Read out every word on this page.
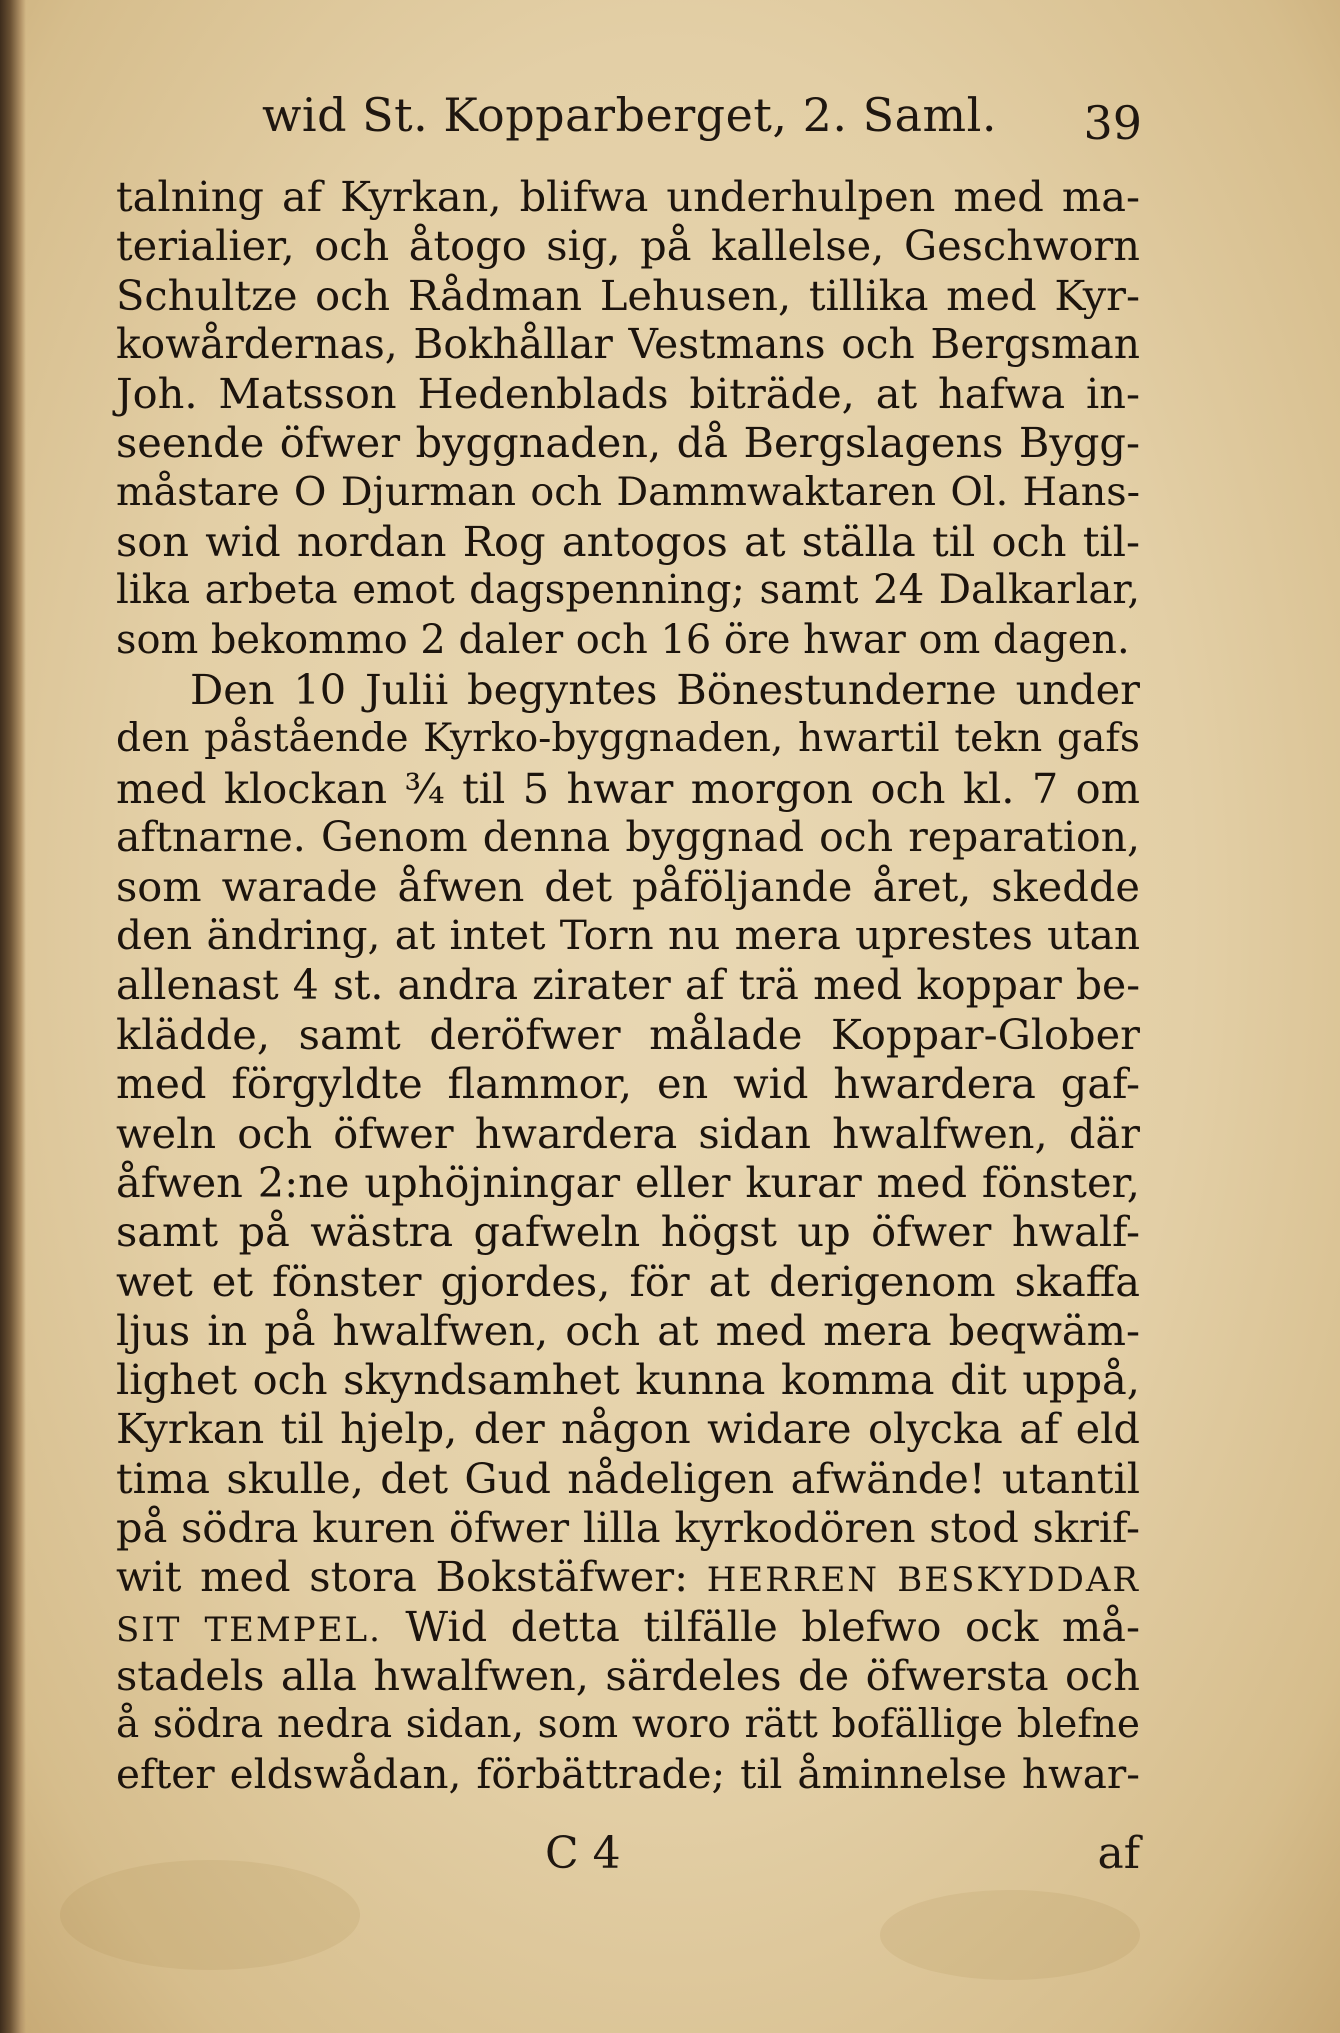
wid St. Kopparberget, 2. Saml. 39
talning af Kyrkan, blifwa underhulpen med ma-
terialier, och åtogo sig, på kallelse, Geschworn
Schultze och Rådman Lehusen, tillika med Kyr-
kowårdernas, Bokhållar Vestmans och Bergsman
Joh. Matsson Hedenblads biträde, at hafwa in-
seende öfwer byggnaden, då Bergslagens Bygg-
måstare O Djurman och Dammwaktaren Ol. Hans-
son wid nordan Rog antogos at ställa til och til-
lika arbeta emot dagspenning; samt 24 Dalkarlar,
som bekommo 2 daler och 16 öre hwar om dagen.
Den 10 Julii begyntes Bönestunderne under
den påstående Kyrko-byggnaden, hwartil tekn gafs
med klockan ¾ til 5 hwar morgon och kl. 7 om
aftnarne. Genom denna byggnad och reparation,
som warade åfwen det påföljande året, skedde
den ändring, at intet Torn nu mera uprestes utan
allenast 4 st. andra zirater af trä med koppar be-
klädde, samt deröfwer målade Koppar-Glober
med förgyldte flammor, en wid hwardera gaf-
weln och öfwer hwardera sidan hwalfwen, där
åfwen 2:ne uphöjningar eller kurar med fönster,
samt på wästra gafweln högst up öfwer hwalf-
wet et fönster gjordes, för at derigenom skaffa
ljus in på hwalfwen, och at med mera beqwäm-
lighet och skyndsamhet kunna komma dit uppå,
Kyrkan til hjelp, der någon widare olycka af eld
tima skulle, det Gud nådeligen afwände! utantil
på södra kuren öfwer lilla kyrkodören stod skrif-
wit med stora Bokstäfwer: HERREN BESKYDDAR
SIT TEMPEL. Wid detta tilfälle blefwo ock må-
stadels alla hwalfwen, särdeles de öfwersta och
å södra nedra sidan, som woro rätt bofällige blefne
efter eldswådan, förbättrade; til åminnelse hwar-
C 4	af
